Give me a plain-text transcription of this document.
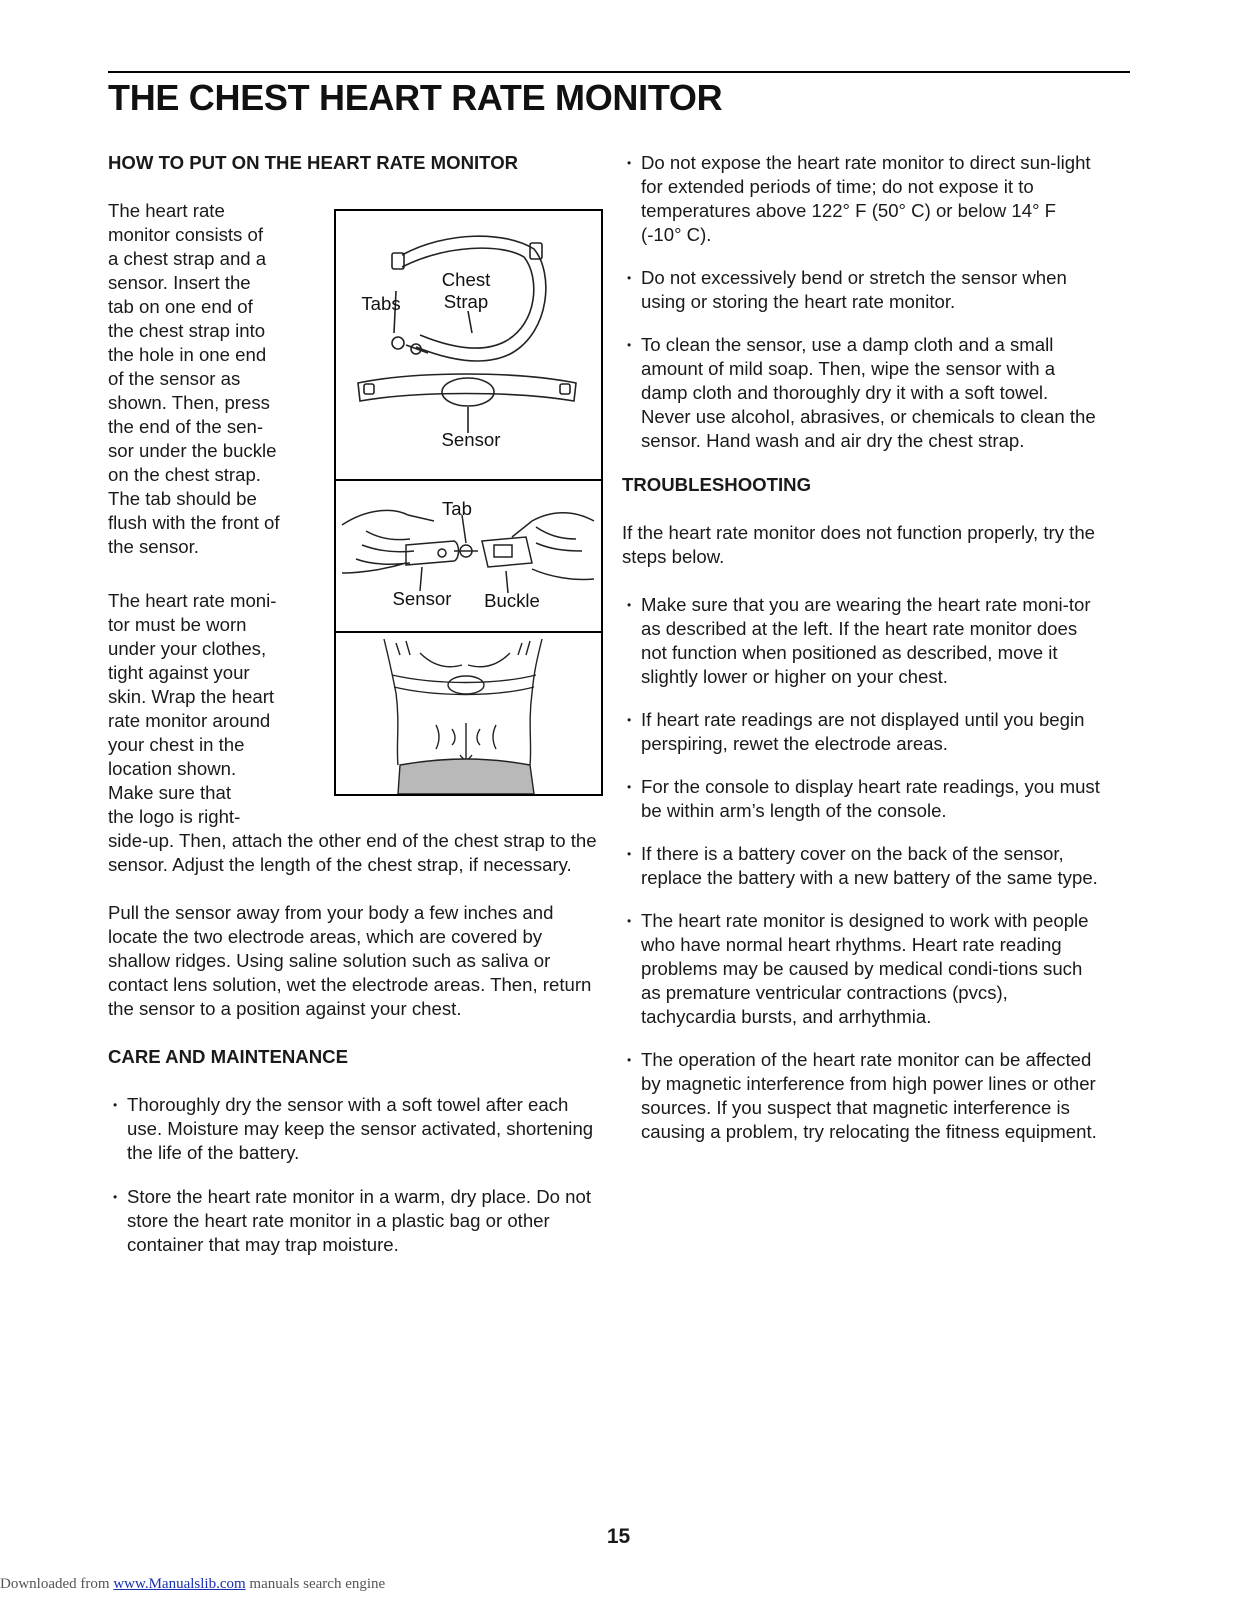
THE CHEST HEART RATE MONITOR
HOW TO PUT ON THE HEART RATE MONITOR
The heart rate
monitor consists of
a chest strap and a
sensor. Insert the
tab on one end of
the chest strap into
the hole in one end
of the sensor as
shown. Then, press
the end of the sen-
sor under the buckle
on the chest strap.
The tab should be
flush with the front of
the sensor.
The heart rate moni-
tor must be worn
under your clothes,
tight against your
skin. Wrap the heart
rate monitor around
your chest in the
location shown.
Make sure that
the logo is right-

side-up. Then, attach the other end of the chest strap to the sensor. Adjust the length of the chest strap, if necessary.

Pull the sensor away from your body a few inches and locate the two electrode areas, which are covered by shallow ridges. Using saline solution such as saliva or contact lens solution, wet the electrode areas. Then, return the sensor to a position against your chest.

CARE AND MAINTENANCE

• Thoroughly dry the sensor with a soft towel after each use. Moisture may keep the sensor activated, shortening the life of the battery.

• Store the heart rate monitor in a warm, dry place. Do not store the heart rate monitor in a plastic bag or other container that may trap moisture.

Chest
Strap
Tabs
Sensor
Tab
Sensor	Buckle

• Do not expose the heart rate monitor to direct sun-light for extended periods of time; do not expose it to temperatures above 122° F (50° C) or below 14° F (-10° C).

• Do not excessively bend or stretch the sensor when using or storing the heart rate monitor.

• To clean the sensor, use a damp cloth and a small amount of mild soap. Then, wipe the sensor with a damp cloth and thoroughly dry it with a soft towel. Never use alcohol, abrasives, or chemicals to clean the sensor. Hand wash and air dry the chest strap.

TROUBLESHOOTING

If the heart rate monitor does not function properly, try the steps below.

• Make sure that you are wearing the heart rate moni-tor as described at the left. If the heart rate monitor does not function when positioned as described, move it slightly lower or higher on your chest.

• If heart rate readings are not displayed until you begin perspiring, rewet the electrode areas.

• For the console to display heart rate readings, you must be within arm’s length of the console.

• If there is a battery cover on the back of the sensor, replace the battery with a new battery of the same type.

• The heart rate monitor is designed to work with people who have normal heart rhythms. Heart rate reading problems may be caused by medical condi-tions such as premature ventricular contractions (pvcs), tachycardia bursts, and arrhythmia.

• The operation of the heart rate monitor can be affected by magnetic interference from high power lines or other sources. If you suspect that magnetic interference is causing a problem, try relocating the fitness equipment.

15
Downloaded from www.Manualslib.com manuals search engine
